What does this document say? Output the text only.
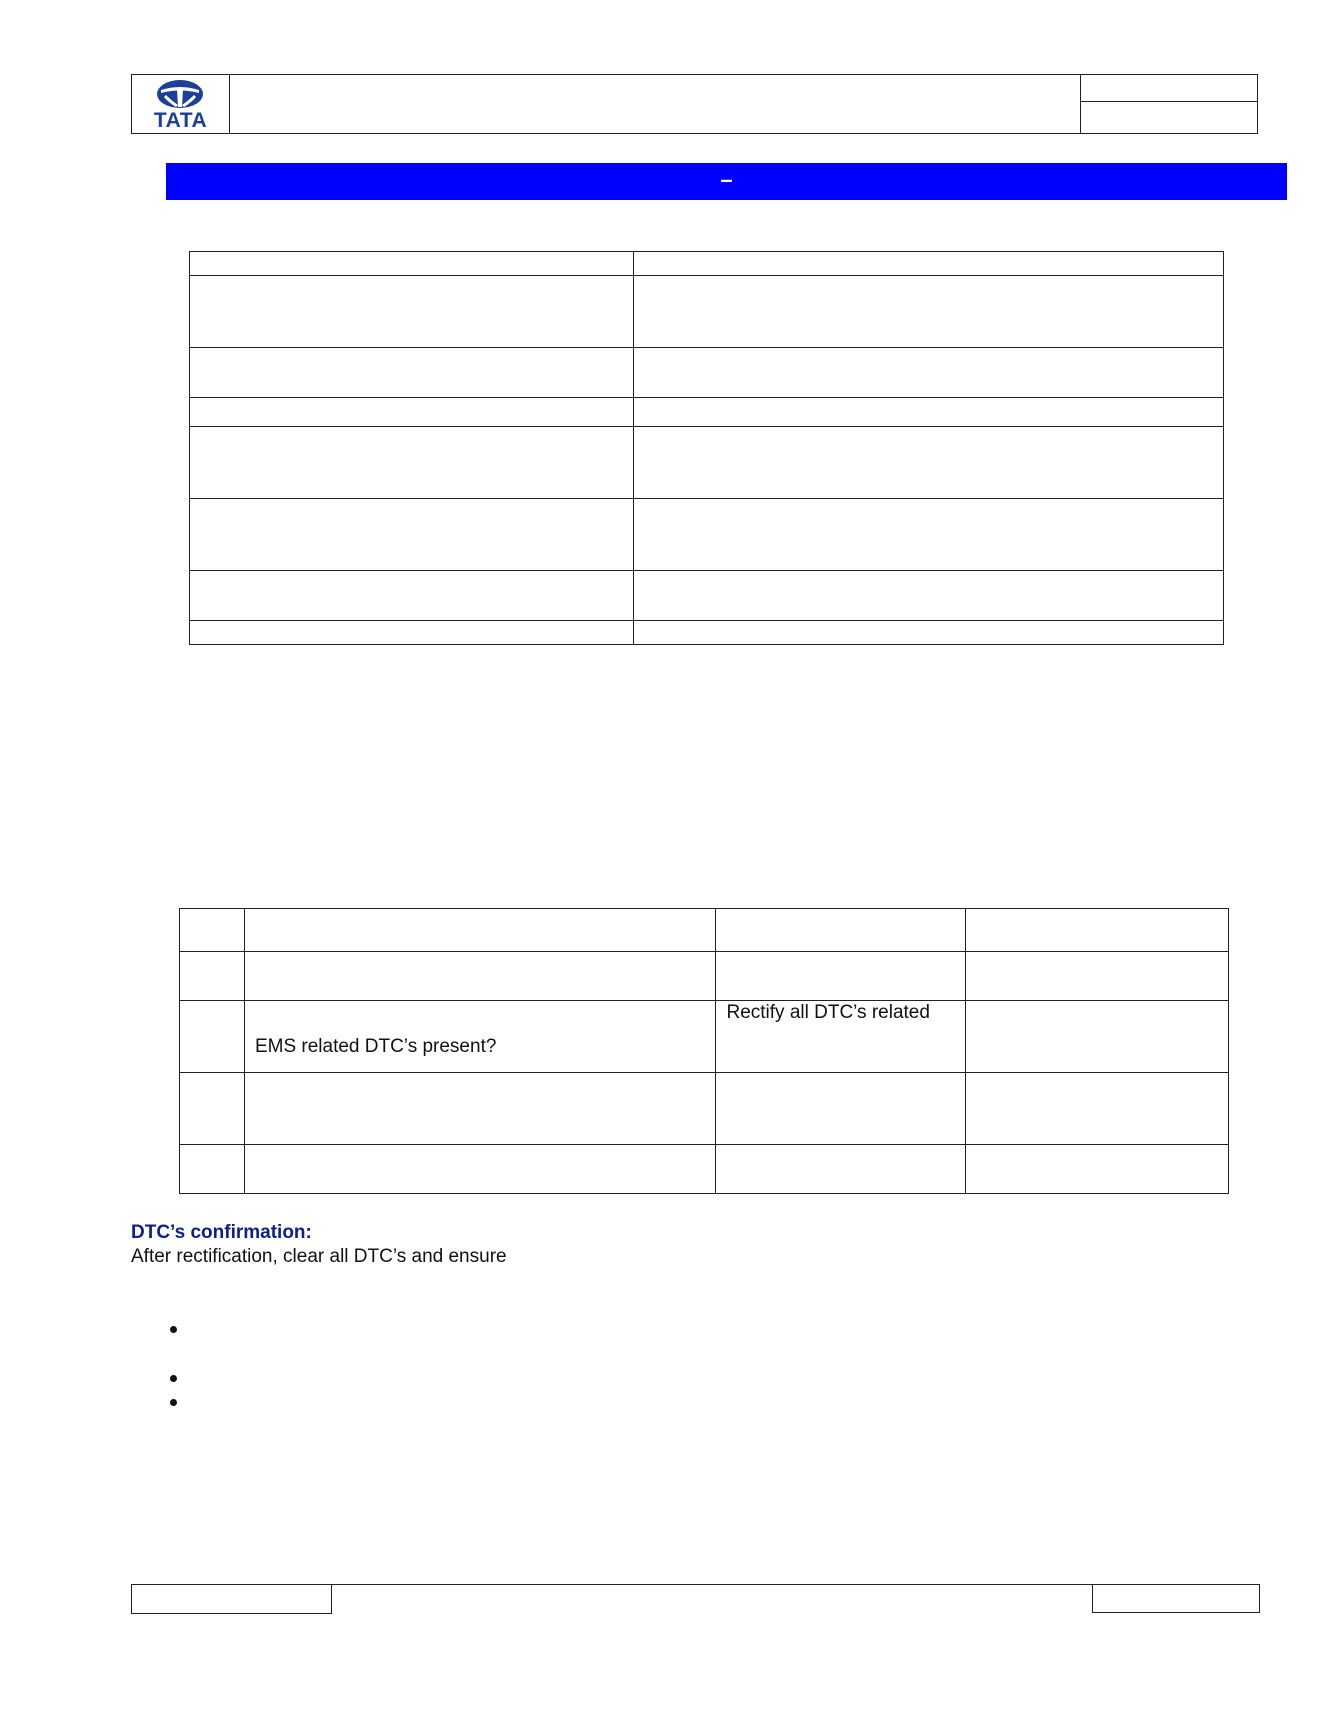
TATA
–

	EMS related DTC’s present?	Rectify all DTC’s related	

DTC’s confirmation:
After rectification, clear all DTC’s and ensure
